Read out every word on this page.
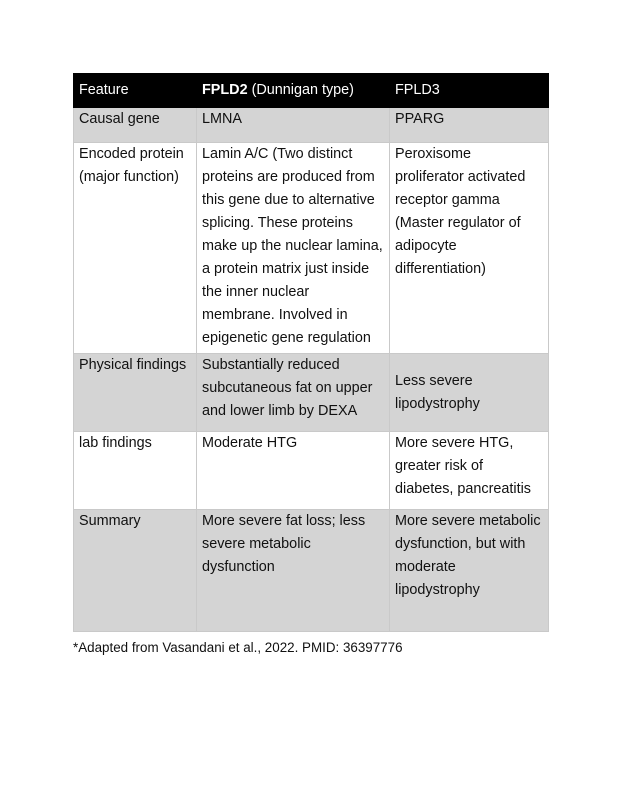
Feature	FPLD2 (Dunnigan type)	FPLD3
Causal gene	LMNA	PPARG
Encoded protein (major function)	Lamin A/C (Two distinct proteins are produced from this gene due to alternative splicing. These proteins make up the nuclear lamina, a protein matrix just inside the inner nuclear membrane. Involved in epigenetic gene regulation	Peroxisome proliferator activated receptor gamma (Master regulator of adipocyte differentiation)
Physical findings	Substantially reduced subcutaneous fat on upper and lower limb by DEXA	Less severe lipodystrophy
lab findings	Moderate HTG	More severe HTG, greater risk of diabetes, pancreatitis
Summary	More severe fat loss; less severe metabolic dysfunction	More severe metabolic dysfunction, but with moderate lipodystrophy
*Adapted from Vasandani et al., 2022. PMID: 36397776
